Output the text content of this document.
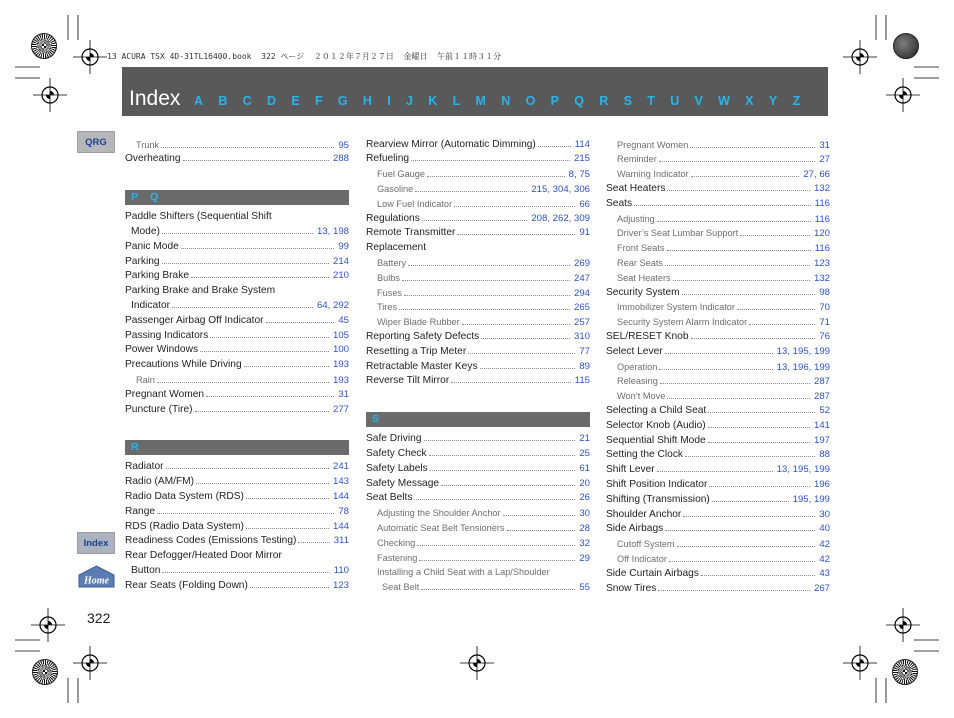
13 ACURA TSX 4D-31TL16400.book  322 ページ  ２０１２年７月２７日  金曜日  午前１１時３１分
Index A B C D E F G H I J K L M N O P Q R S T U V W X Y Z
QRG
Index
Home
322
Trunk	95
Overheating	288
P Q
Paddle Shifters (Sequential Shift
Mode)	13, 198
Panic Mode	99
Parking	214
Parking Brake	210
Parking Brake and Brake System
Indicator	64, 292
Passenger Airbag Off Indicator	45
Passing Indicators	105
Power Windows	100
Precautions While Driving	193
Rain	193
Pregnant Women	31
Puncture (Tire)	277
R
Radiator	241
Radio (AM/FM)	143
Radio Data System (RDS)	144
Range	78
RDS (Radio Data System)	144
Readiness Codes (Emissions Testing)	311
Rear Defogger/Heated Door Mirror
Button	110
Rear Seats (Folding Down)	123
Rearview Mirror (Automatic Dimming)	114
Refueling	215
Fuel Gauge	8, 75
Gasoline	215, 304, 306
Low Fuel Indicator	66
Regulations	208, 262, 309
Remote Transmitter	91
Replacement
Battery	269
Bulbs	247
Fuses	294
Tires	265
Wiper Blade Rubber	257
Reporting Safety Defects	310
Resetting a Trip Meter	77
Retractable Master Keys	89
Reverse Tilt Mirror	115
S
Safe Driving	21
Safety Check	25
Safety Labels	61
Safety Message	20
Seat Belts	26
Adjusting the Shoulder Anchor	30
Automatic Seat Belt Tensioners	28
Checking	32
Fastening	29
Installing a Child Seat with a Lap/Shoulder
Seat Belt	55
Pregnant Women	31
Reminder	27
Warning Indicator	27, 66
Seat Heaters	132
Seats	116
Adjusting	116
Driver’s Seat Lumbar Support	120
Front Seats	116
Rear Seats	123
Seat Heaters	132
Security System	98
Immobilizer System Indicator	70
Security System Alarm Indicator	71
SEL/RESET Knob	76
Select Lever	13, 195, 199
Operation	13, 196, 199
Releasing	287
Won’t Move	287
Selecting a Child Seat	52
Selector Knob (Audio)	141
Sequential Shift Mode	197
Setting the Clock	88
Shift Lever	13, 195, 199
Shift Position Indicator	196
Shifting (Transmission)	195, 199
Shoulder Anchor	30
Side Airbags	40
Cutoff System	42
Off Indicator	42
Side Curtain Airbags	43
Snow Tires	267
